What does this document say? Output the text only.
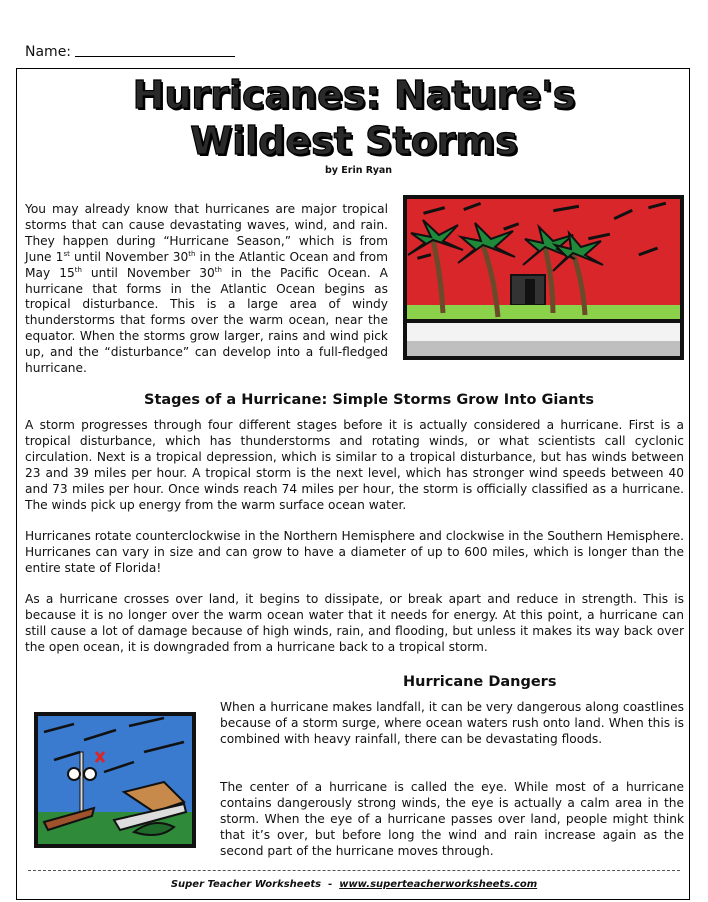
Name:
Hurricanes: Nature's
Wildest Storms
by Erin Ryan

You may already know that hurricanes are major tropical storms that can cause devastating waves, wind, and rain. They happen during “Hurricane Season,” which is from June 1st until November 30th in the Atlantic Ocean and from May 15th until November 30th in the Pacific Ocean. A hurricane that forms in the Atlantic Ocean begins as tropical disturbance. This is a large area of windy thunderstorms that forms over the warm ocean, near the equator. When the storms grow larger, rains and wind pick up, and the “disturbance” can develop into a full-fledged hurricane.

Stages of a Hurricane: Simple Storms Grow Into Giants

A storm progresses through four different stages before it is actually considered a hurricane. First is a tropical disturbance, which has thunderstorms and rotating winds, or what scientists call cyclonic circulation. Next is a tropical depression, which is similar to a tropical disturbance, but has winds between 23 and 39 miles per hour. A tropical storm is the next level, which has stronger wind speeds between 40 and 73 miles per hour. Once winds reach 74 miles per hour, the storm is officially classified as a hurricane. The winds pick up energy from the warm surface ocean water.

Hurricanes rotate counterclockwise in the Northern Hemisphere and clockwise in the Southern Hemisphere. Hurricanes can vary in size and can grow to have a diameter of up to 600 miles, which is longer than the entire state of Florida!

As a hurricane crosses over land, it begins to dissipate, or break apart and reduce in strength. This is because it is no longer over the warm ocean water that it needs for energy. At this point, a hurricane can still cause a lot of damage because of high winds, rain, and flooding, but unless it makes its way back over the open ocean, it is downgraded from a hurricane back to a tropical storm.

Hurricane Dangers

When a hurricane makes landfall, it can be very dangerous along coastlines because of a storm surge, where ocean waters rush onto land. When this is combined with heavy rainfall, there can be devastating floods.

The center of a hurricane is called the eye. While most of a hurricane contains dangerously strong winds, the eye is actually a calm area in the storm. When the eye of a hurricane passes over land, people might think that it’s over, but before long the wind and rain increase again as the second part of the hurricane moves through.

Super Teacher Worksheets - www.superteacherworksheets.com
